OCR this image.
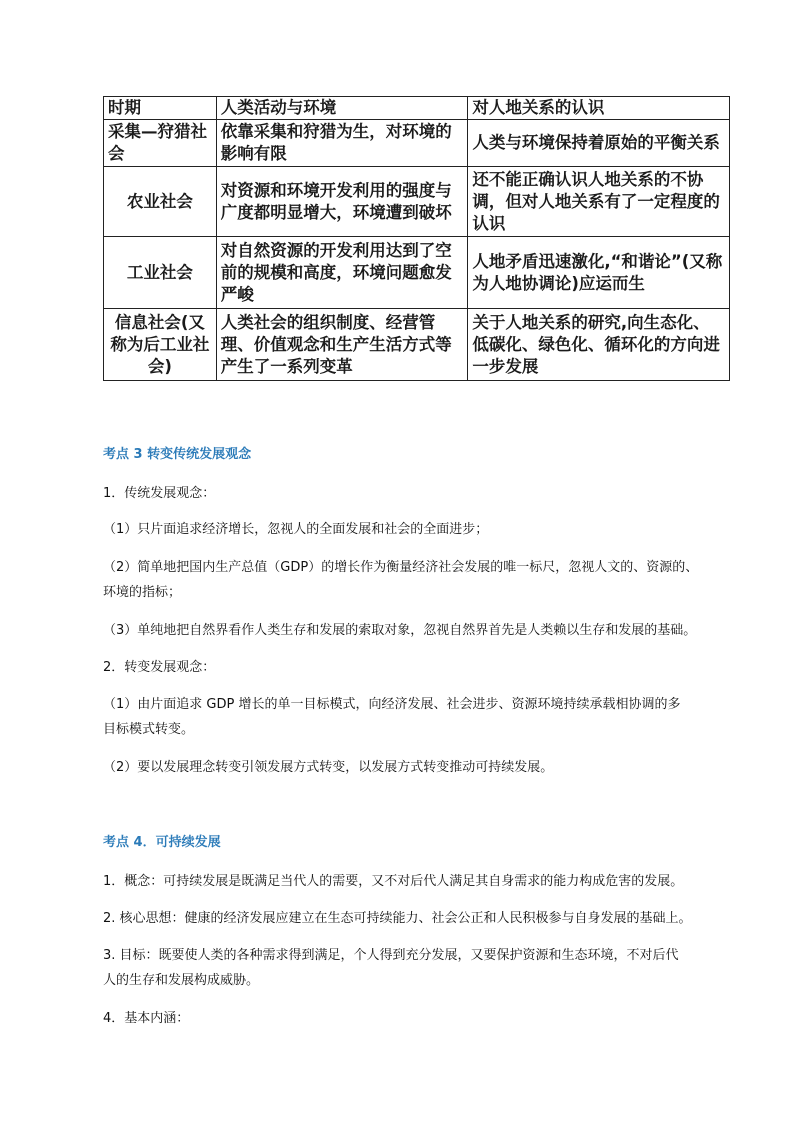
时期	人类活动与环境	对人地关系的认识
采集—狩猎社会	依靠采集和狩猎为生，对环境的影响有限	人类与环境保持着原始的平衡关系
农业社会	对资源和环境开发利用的强度与广度都明显增大，环境遭到破坏	还不能正确认识人地关系的不协调，但对人地关系有了一定程度的认识
工业社会	对自然资源的开发利用达到了空前的规模和高度，环境问题愈发严峻	人地矛盾迅速激化,“和谐论”(又称为人地协调论)应运而生
信息社会(又称为后工业社会)	人类社会的组织制度、经营管理、价值观念和生产生活方式等产生了一系列变革	关于人地关系的研究,向生态化、低碳化、绿色化、循环化的方向进一步发展
考点 3 转变传统发展观念
1．传统发展观念：
（1）只片面追求经济增长，忽视人的全面发展和社会的全面进步；
（2）简单地把国内生产总值（GDP）的增长作为衡量经济社会发展的唯一标尺，忽视人文的、资源的、
环境的指标；
（3）单纯地把自然界看作人类生存和发展的索取对象，忽视自然界首先是人类赖以生存和发展的基础。
2．转变发展观念：
（1）由片面追求 GDP 增长的单一目标模式，向经济发展、社会进步、资源环境持续承载相协调的多
目标模式转变。
（2）要以发展理念转变引领发展方式转变，以发展方式转变推动可持续发展。
考点 4．可持续发展
1．概念：可持续发展是既满足当代人的需要，又不对后代人满足其自身需求的能力构成危害的发展。
2. 核心思想：健康的经济发展应建立在生态可持续能力、社会公正和人民积极参与自身发展的基础上。
3. 目标：既要使人类的各种需求得到满足，个人得到充分发展，又要保护资源和生态环境，不对后代
人的生存和发展构成威胁。
4．基本内涵：
